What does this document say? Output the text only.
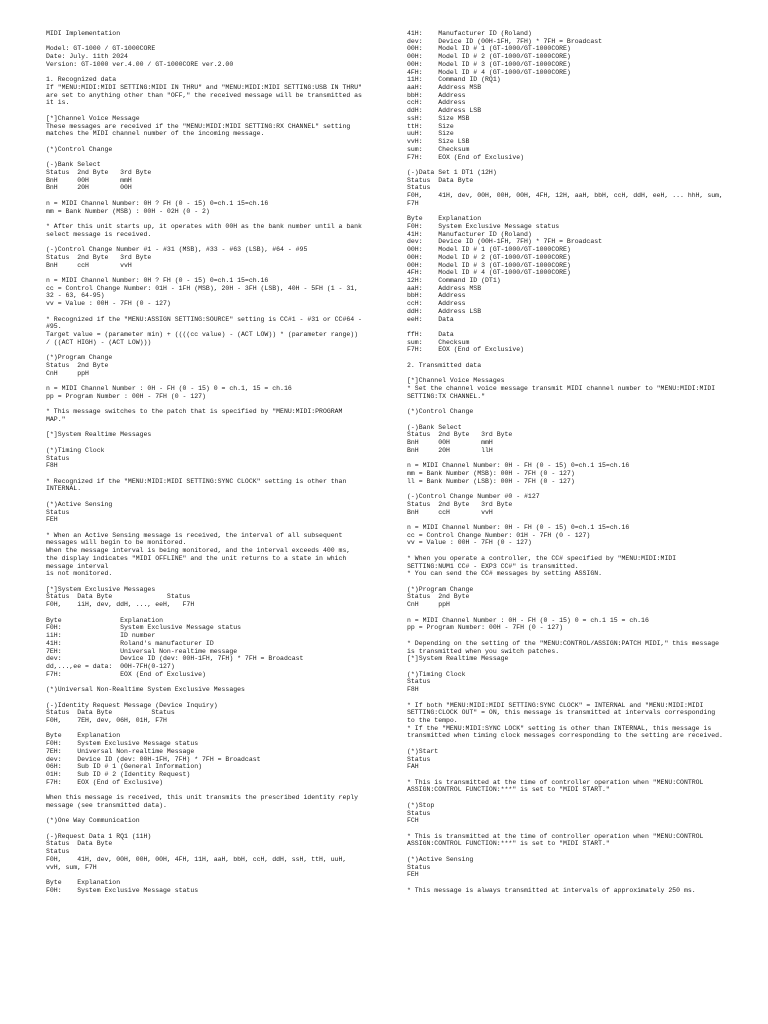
MIDI Implementation

Model: GT-1000 / GT-1000CORE
Date: July. 11th 2024
Version: GT-1000 ver.4.00 / GT-1000CORE ver.2.00

1. Recognized data
If "MENU:MIDI:MIDI SETTING:MIDI IN THRU" and "MENU:MIDI:MIDI SETTING:USB IN THRU"
are set to anything other than "OFF," the received message will be transmitted as
it is.

[*]Channel Voice Message
These messages are received if the "MENU:MIDI:MIDI SETTING:RX CHANNEL" setting
matches the MIDI channel number of the incoming message.

(*)Control Change

(-)Bank Select
Status  2nd Byte   3rd Byte
BnH     00H        mmH
BnH     20H        00H

n = MIDI Channel Number: 0H ? FH (0 - 15) 0=ch.1 15=ch.16
mm = Bank Number (MSB) : 00H - 02H (0 - 2)

* After this unit starts up, it operates with 00H as the bank number until a bank
select message is received.

(-)Control Change Number #1 - #31 (MSB), #33 - #63 (LSB), #64 - #95
Status  2nd Byte   3rd Byte
BnH     ccH        vvH

n = MIDI Channel Number: 0H ? FH (0 - 15) 0=ch.1 15=ch.16
cc = Control Change Number: 01H - 1FH (MSB), 20H - 3FH (LSB), 40H - 5FH (1 - 31,
32 - 63, 64-95)
vv = Value : 00H - 7FH (0 - 127)

* Recognized if the "MENU:ASSIGN SETTING:SOURCE" setting is CC#1 - #31 or CC#64 -
#95.
Target value = (parameter min) + ((((cc value) - (ACT LOW)) * (parameter range))
/ ((ACT HIGH) - (ACT LOW)))

(*)Program Change
Status  2nd Byte
CnH     ppH

n = MIDI Channel Number : 0H - FH (0 - 15) 0 = ch.1, 15 = ch.16
pp = Program Number : 00H - 7FH (0 - 127)

* This message switches to the patch that is specified by "MENU:MIDI:PROGRAM
MAP."

[*]System Realtime Messages

(*)Timing Clock
Status
F8H

* Recognized if the "MENU:MIDI:MIDI SETTING:SYNC CLOCK" setting is other than
INTERNAL.

(*)Active Sensing
Status
FEH

* When an Active Sensing message is received, the interval of all subsequent
messages will begin to be monitored.
When the message interval is being monitored, and the interval exceeds 400 ms,
the display indicates "MIDI OFFLINE" and the unit returns to a state in which
message interval
is not monitored.

[*]System Exclusive Messages
Status  Data Byte              Status
F0H,    iiH, dev, ddH, ..., eeH,   F7H

Byte               Explanation
F0H:               System Exclusive Message status
iiH:               ID number
41H:               Roland's manufacturer ID
7EH:               Universal Non-realtime message
dev:               Device ID (dev: 00H-1FH, 7FH) * 7FH = Broadcast
dd,...,ee = data:  00H-7FH(0-127)
F7H:               EOX (End of Exclusive)

(*)Universal Non-Realtime System Exclusive Messages

(-)Identity Request Message (Device Inquiry)
Status  Data Byte          Status
F0H,    7EH, dev, 06H, 01H, F7H

Byte    Explanation
F0H:    System Exclusive Message status
7EH:    Universal Non-realtime Message
dev:    Device ID (dev: 00H-1FH, 7FH) * 7FH = Broadcast
06H:    Sub ID # 1 (General Information)
01H:    Sub ID # 2 (Identity Request)
F7H:    EOX (End of Exclusive)

When this message is received, this unit transmits the prescribed identity reply
message (see transmitted data).

(*)One Way Communication

(-)Request Data 1 RQ1 (11H)
Status  Data Byte
Status
F0H,    41H, dev, 00H, 00H, 00H, 4FH, 11H, aaH, bbH, ccH, ddH, ssH, ttH, uuH,
vvH, sum, F7H

Byte    Explanation
F0H:    System Exclusive Message status
41H:    Manufacturer ID (Roland)
dev:    Device ID (00H-1FH, 7FH) * 7FH = Broadcast
00H:    Model ID # 1 (GT-1000/GT-1000CORE)
00H:    Model ID # 2 (GT-1000/GT-1000CORE)
00H:    Model ID # 3 (GT-1000/GT-1000CORE)
4FH:    Model ID # 4 (GT-1000/GT-1000CORE)
11H:    Command ID (RQ1)
aaH:    Address MSB
bbH:    Address
ccH:    Address
ddH:    Address LSB
ssH:    Size MSB
ttH:    Size
uuH:    Size
vvH:    Size LSB
sum:    Checksum
F7H:    EOX (End of Exclusive)

(-)Data Set 1 DT1 (12H)
Status  Data Byte
Status
F0H,    41H, dev, 00H, 00H, 00H, 4FH, 12H, aaH, bbH, ccH, ddH, eeH, ... hhH, sum,
F7H

Byte    Explanation
F0H:    System Exclusive Message status
41H:    Manufacturer ID (Roland)
dev:    Device ID (00H-1FH, 7FH) * 7FH = Broadcast
00H:    Model ID # 1 (GT-1000/GT-1000CORE)
00H:    Model ID # 2 (GT-1000/GT-1000CORE)
00H:    Model ID # 3 (GT-1000/GT-1000CORE)
4FH:    Model ID # 4 (GT-1000/GT-1000CORE)
12H:    Command ID (DT1)
aaH:    Address MSB
bbH:    Address
ccH:    Address
ddH:    Address LSB
eeH:    Data

ffH:    Data
sum:    Checksum
F7H:    EOX (End of Exclusive)

2. Transmitted data

[*]Channel Voice Messages
* Set the channel voice message transmit MIDI channel number to "MENU:MIDI:MIDI
SETTING:TX CHANNEL."

(*)Control Change

(-)Bank Select
Status  2nd Byte   3rd Byte
BnH     00H        mmH
BnH     20H        llH

n = MIDI Channel Number: 0H - FH (0 - 15) 0=ch.1 15=ch.16
mm = Bank Number (MSB): 00H - 7FH (0 - 127)
ll = Bank Number (LSB): 00H - 7FH (0 - 127)

(-)Control Change Number #0 - #127
Status  2nd Byte   3rd Byte
BnH     ccH        vvH

n = MIDI Channel Number: 0H - FH (0 - 15) 0=ch.1 15=ch.16
cc = Control Change Number: 01H - 7FH (0 - 127)
vv = Value : 00H - 7FH (0 - 127)

* When you operate a controller, the CC# specified by "MENU:MIDI:MIDI
SETTING:NUM1 CC# - EXP3 CC#" is transmitted.
* You can send the CC# messages by setting ASSIGN.

(*)Program Change
Status  2nd Byte
CnH     ppH

n = MIDI Channel Number : 0H - FH (0 - 15) 0 = ch.1 15 = ch.16
pp = Program Number: 00H - 7FH (0 - 127)

* Depending on the setting of the "MENU:CONTROL/ASSIGN:PATCH MIDI," this message
is transmitted when you switch patches.
[*]System Realtime Message

(*)Timing Clock
Status
F8H

* If both "MENU:MIDI:MIDI SETTING:SYNC CLOCK" = INTERNAL and "MENU:MIDI:MIDI
SETTING:CLOCK OUT" = ON, this message is transmitted at intervals corresponding
to the tempo.
* If the "MENU:MIDI:SYNC LOCK" setting is other than INTERNAL, this message is
transmitted when timing clock messages corresponding to the setting are received.

(*)Start
Status
FAH

* This is transmitted at the time of controller operation when "MENU:CONTROL
ASSIGN:CONTROL FUNCTION:***" is set to "MIDI START."

(*)Stop
Status
FCH

* This is transmitted at the time of controller operation when "MENU:CONTROL
ASSIGN:CONTROL FUNCTION:***" is set to "MIDI START."

(*)Active Sensing
Status
FEH

* This message is always transmitted at intervals of approximately 250 ms.
